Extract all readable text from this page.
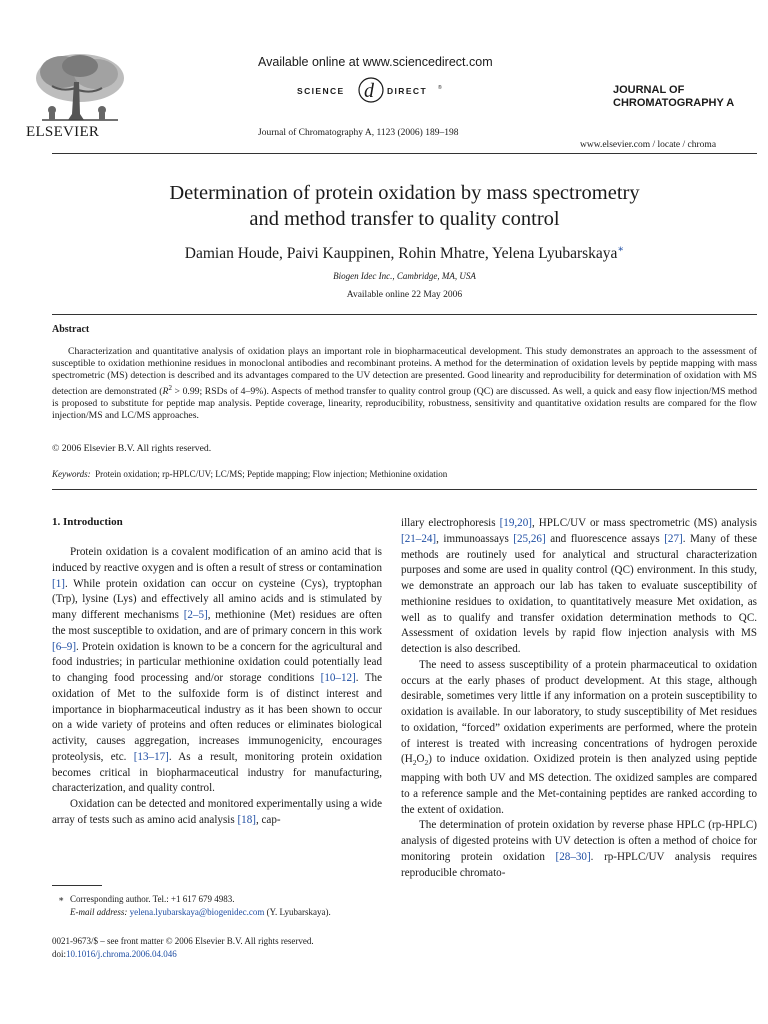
ELSEVIER
Available online at www.sciencedirect.com
SCIENCE d DIRECT ®
Journal of Chromatography A, 1123 (2006) 189–198
JOURNAL OF
CHROMATOGRAPHY A
www.elsevier.com / locate / chroma
Determination of protein oxidation by mass spectrometry
and method transfer to quality control
Damian Houde, Paivi Kauppinen, Rohin Mhatre, Yelena Lyubarskaya∗
Biogen Idec Inc., Cambridge, MA, USA
Available online 22 May 2006
Abstract

Characterization and quantitative analysis of oxidation plays an important role in biopharmaceutical development. This study demonstrates an approach to the assessment of susceptible to oxidation methionine residues in monoclonal antibodies and recombinant proteins. A method for the determination of oxidation levels by peptide mapping with mass spectrometric (MS) detection is described and its advantages compared to the UV detection are presented. Good linearity and reproducibility for determination of oxidation with MS detection are demonstrated ($R^2 > 0.99$; RSDs of 4–9%). Aspects of method transfer to quality control group (QC) are discussed. As well, a quick and easy flow injection/MS method is proposed to substitute for peptide map analysis. Peptide coverage, linearity, reproducibility, robustness, sensitivity and quantitative oxidation results are compared for the flow injection/MS and LC/MS approaches.

© 2006 Elsevier B.V. All rights reserved.
Keywords: Protein oxidation; rp-HPLC/UV; LC/MS; Peptide mapping; Flow injection; Methionine oxidation
1. Introduction

Protein oxidation is a covalent modification of an amino acid that is induced by reactive oxygen and is often a result of stress or contamination [1]. While protein oxidation can occur on cysteine (Cys), tryptophan (Trp), lysine (Lys) and effectively all amino acids and is stimulated by many different mechanisms [2–5], methionine (Met) residues are often the most susceptible to oxidation, and are of primary concern in this work [6–9]. Protein oxidation is known to be a concern for the agricultural and food industries; in particular methionine oxidation could potentially lead to changing food processing and/or storage conditions [10–12]. The oxidation of Met to the sulfoxide form is of distinct interest and importance in biopharmaceutical industry as it has been shown to occur on a wide variety of proteins and often reduces or eliminates biological activity, causes aggregation, increases immunogenicity, encourages proteolysis, etc. [13–17]. As a result, monitoring protein oxidation becomes critical in biopharmaceutical industry for manufacturing, characterization, and quality control.

Oxidation can be detected and monitored experimentally using a wide array of tests such as amino acid analysis [18], cap-

illary electrophoresis [19,20], HPLC/UV or mass spectrometric (MS) analysis [21–24], immunoassays [25,26] and fluorescence assays [27]. Many of these methods are routinely used for analytical and structural characterization purposes and some are used in quality control (QC) environment. In this study, we demonstrate an approach our lab has taken to evaluate susceptibility of methionine residues to oxidation, to quantitatively measure Met oxidation, as well as to qualify and transfer oxidation determination methods to QC. Assessment of oxidation levels by rapid flow injection analysis with MS detection is also described.

The need to assess susceptibility of a protein pharmaceutical to oxidation occurs at the early phases of product development. At this stage, although desirable, sometimes very little if any information on a protein susceptibility to oxidation is available. In our laboratory, to study susceptibility of Met residues to oxidation, “forced” oxidation experiments are performed, where the protein of interest is treated with increasing concentrations of hydrogen peroxide $(H_2O_2)$ to induce oxidation. Oxidized protein is then analyzed using peptide mapping with both UV and MS detection. The oxidized samples are compared to a reference sample and the Met-containing peptides are ranked according to the extent of oxidation.

The determination of protein oxidation by reverse phase HPLC (rp-HPLC) analysis of digested proteins with UV detection is often a method of choice for monitoring protein oxidation [28–30]. rp-HPLC/UV analysis requires reproducible chromato-

∗ Corresponding author. Tel.: +1 617 679 4983.
E-mail address: yelena.lyubarskaya@biogenidec.com (Y. Lyubarskaya).
0021-9673/$ – see front matter © 2006 Elsevier B.V. All rights reserved.
doi:10.1016/j.chroma.2006.04.046
